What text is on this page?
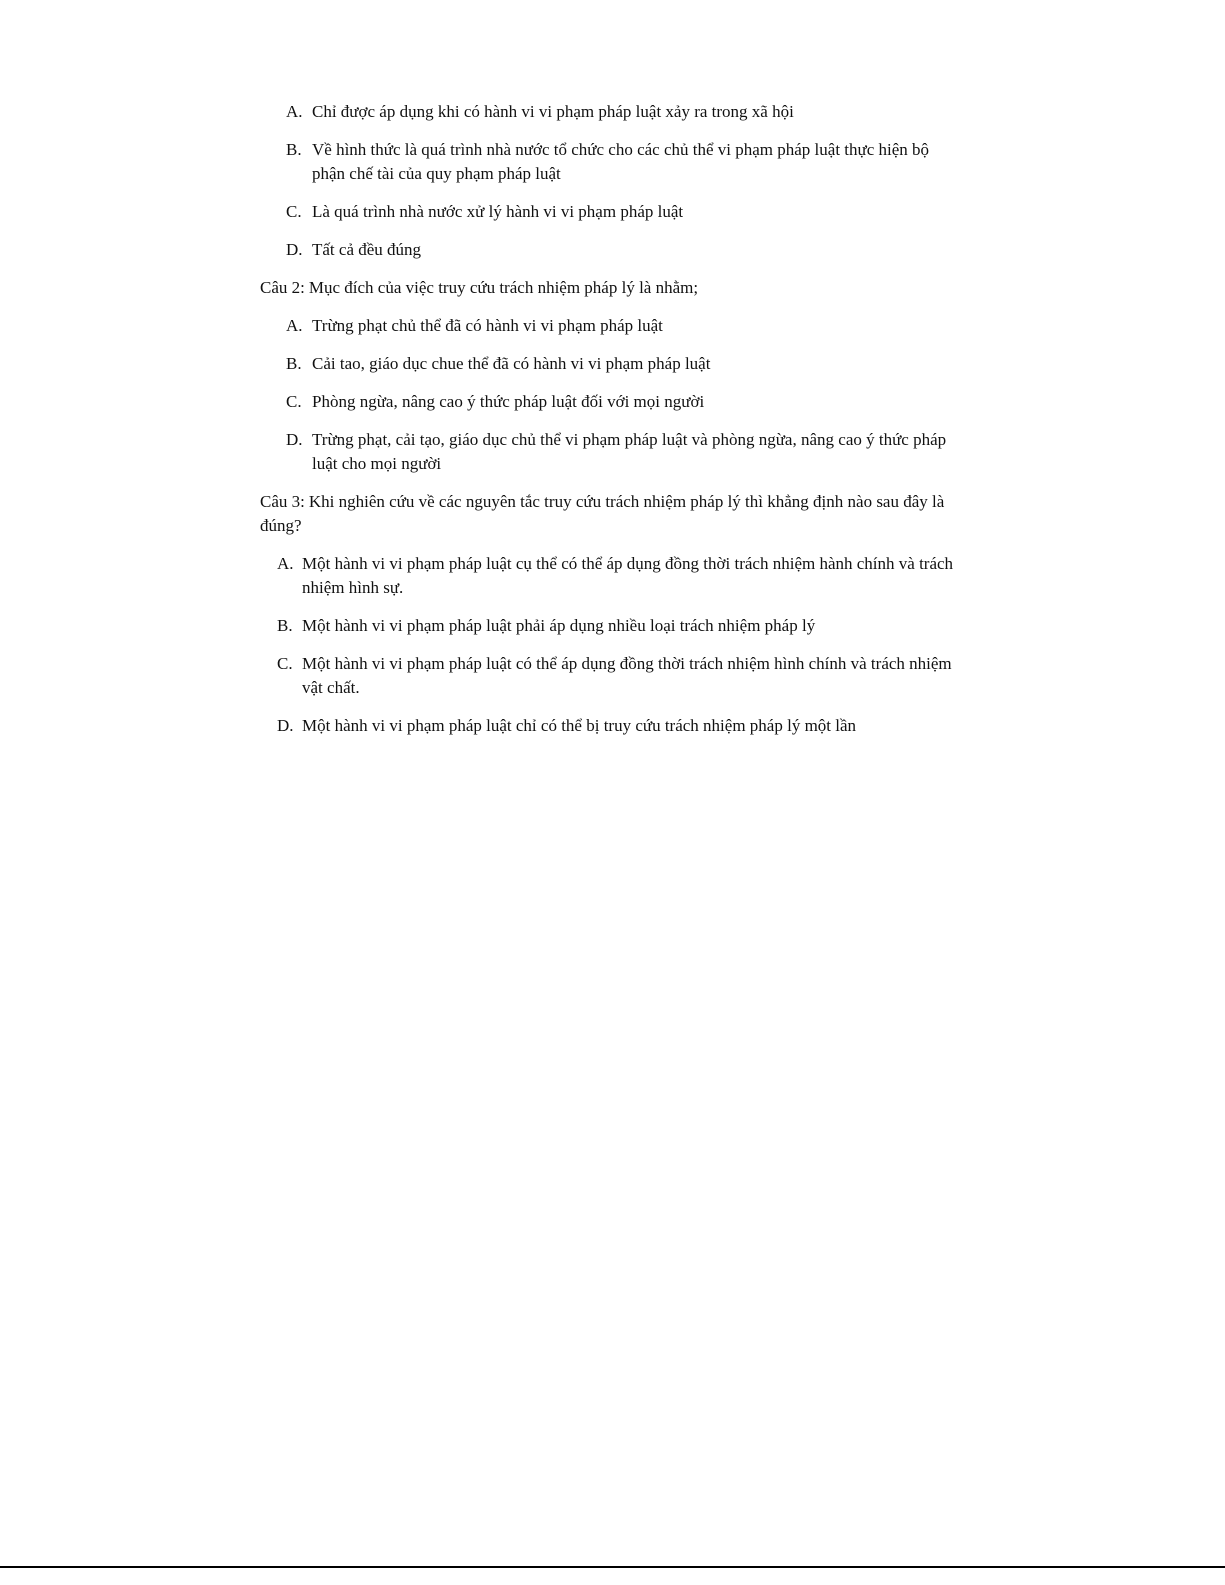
A. Chỉ được áp dụng khi có hành vi vi phạm pháp luật xảy ra trong xã hội
B. Về hình thức là quá trình nhà nước tổ chức cho các chủ thể vi phạm pháp luật thực hiện bộ phận chế tài của quy phạm pháp luật
C. Là quá trình nhà nước xử lý hành vi vi phạm pháp luật
D. Tất cả đều đúng
Câu 2: Mục đích của việc truy cứu trách nhiệm pháp lý là nhằm;
A. Trừng phạt chủ thể đã có hành vi vi phạm pháp luật
B. Cải tao, giáo dục chue thể đã có hành vi vi phạm pháp luật
C. Phòng ngừa, nâng cao ý thức pháp luật đối với mọi người
D. Trừng phạt, cải tạo, giáo dục chủ thể vi phạm pháp luật và phòng ngừa, nâng cao ý thức pháp luật cho mọi người
Câu 3: Khi nghiên cứu về các nguyên tắc truy cứu trách nhiệm pháp lý thì khẳng định nào sau đây là đúng?
A. Một hành vi vi phạm pháp luật cụ thể có thể áp dụng đồng thời trách nhiệm hành chính và trách nhiệm hình sự.
B. Một hành vi vi phạm pháp luật phải áp dụng nhiều loại trách nhiệm pháp lý
C. Một hành vi vi phạm pháp luật có thể áp dụng đồng thời trách nhiệm hình chính và trách nhiệm vật chất.
D. Một hành vi vi phạm pháp luật chỉ có thể bị truy cứu trách nhiệm pháp lý một lần
